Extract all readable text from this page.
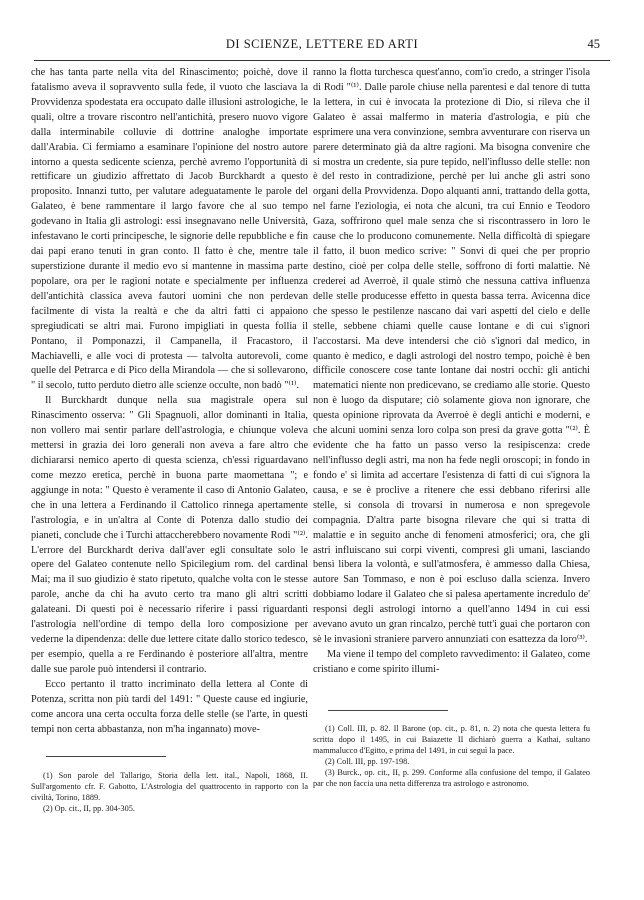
DI SCIENZE, LETTERE ED ARTI	45

che has tanta parte nella vita del Rinascimento; poichè, dove il fatalismo aveva il sopravvento sulla fede, il vuoto che lasciava la Provvidenza spodestata era occupato dalle illusioni astrologiche, le quali, oltre a trovare riscontro nell'antichità, presero nuovo vigore dalla interminabile colluvie di dottrine analoghe importate dall'Arabia. Ci fermiamo a esaminare l'opinione del nostro autore intorno a questa sedicente scienza, perchè avremo l'opportunità di rettificare un giudizio affrettato di Jacob Burckhardt a questo proposito. Innanzi tutto, per valutare adeguatamente le parole del Galateo, è bene rammentare il largo favore che al suo tempo godevano in Italia gli astrologi: essi insegnavano nelle Università, infestavano le corti principesche, le signorie delle repubbliche e fin dai papi erano tenuti in gran conto. Il fatto è che, mentre tale superstizione durante il medio evo si mantenne in massima parte popolare, ora per le ragioni notate e specialmente per influenza dell'antichità classica aveva fautori uomini che non perdevan facilmente di vista la realtà e che da altri fatti ci appaiono spregiudicati se altri mai. Furono impigliati in questa follia il Pontano, il Pomponazzi, il Campanella, il Fracastoro, il Machiavelli, e alle voci di protesta — talvolta autorevoli, come quelle del Petrarca e di Pico della Mirandola — che si sollevarono, " il secolo, tutto perduto dietro alle scienze occulte, non badò "⁽¹⁾.

Il Burckhardt dunque nella sua magistrale opera sul Rinascimento osserva: " Gli Spagnuoli, allor dominanti in Italia, non vollero mai sentir parlare dell'astrologia, e chiunque voleva mettersi in grazia dei loro generali non aveva a fare altro che dichiararsi nemico aperto di questa scienza, ch'essi riguardavano come mezzo eretica, perchè in buona parte maomettana "; e aggiunge in nota: " Questo è veramente il caso di Antonio Galateo, che in una lettera a Ferdinando il Cattolico rinnega apertamente l'astrologia, e in un'altra al Conte di Potenza dallo studio dei pianeti, conclude che i Turchi attaccherebbero novamente Rodi "⁽²⁾. L'errore del Burckhardt deriva dall'aver egli consultate solo le opere del Galateo contenute nello Spicilegium rom. del cardinal Mai; ma il suo giudizio è stato ripetuto, qualche volta con le stesse parole, anche da chi ha avuto certo tra mano gli altri scritti galateani. Di questi poi è necessario riferire i passi riguardanti l'astrologia nell'ordine di tempo della loro composizione per vederne la dipendenza: delle due lettere citate dallo storico tedesco, per esempio, quella a re Ferdinando è posteriore all'altra, mentre dalle sue parole può intendersi il contrario.

Ecco pertanto il tratto incriminato della lettera al Conte di Potenza, scritta non più tardi del 1491: " Queste cause ed ingiurie, come ancora una certa occulta forza delle stelle (se l'arte, in questi tempi non certa abbastanza, non m'ha ingannato) move-

ranno la flotta turchesca quest'anno, com'io credo, a stringer l'isola di Rodi "⁽¹⁾. Dalle parole chiuse nella parentesi e dal tenore di tutta la lettera, in cui è invocata la protezione di Dio, si rileva che il Galateo è assai malfermo in materia d'astrologia, e più che esprimere una vera convinzione, sembra avventurare con riserva un parere determinato già da altre ragioni. Ma bisogna convenire che si mostra un credente, sia pure tepido, nell'influsso delle stelle: non è del resto in contradizione, perchè per lui anche gli astri sono organi della Provvidenza. Dopo alquanti anni, trattando della gotta, nel farne l'eziologia, ei nota che alcuni, tra cui Ennio e Teodoro Gaza, soffrirono quel male senza che si riscontrassero in loro le cause che lo producono comunemente. Nella difficoltà di spiegare il fatto, il buon medico scrive: " Sonvi di quei che per proprio destino, cioè per colpa delle stelle, soffrono di forti malattie. Nè crederei ad Averroè, il quale stimò che nessuna cattiva influenza delle stelle producesse effetto in questa bassa terra. Avicenna dice che spesso le pestilenze nascano dai vari aspetti del cielo e delle stelle, sebbene chiami quelle cause lontane e di cui s'ignori l'accostarsi. Ma deve intendersi che ciò s'ignori dal medico, in quanto è medico, e dagli astrologi del nostro tempo, poichè è ben difficile conoscere cose tante lontane dai nostri occhi: gli antichi matematici niente non predicevano, se crediamo alle storie. Questo non è luogo da disputare; ciò solamente giova non ignorare, che questa opinione riprovata da Averroè è degli antichi e moderni, e che alcuni uomini senza loro colpa son presi da grave gotta "⁽²⁾. È evidente che ha fatto un passo verso la resipiscenza: crede nell'influsso degli astri, ma non ha fede negli oroscopi; in fondo in fondo e' si limita ad accertare l'esistenza di fatti di cui s'ignora la causa, e se è proclive a ritenere che essi debbano riferirsi alle stelle, si consola di trovarsi in numerosa e non spregevole compagnia. D'altra parte bisogna rilevare che qui si tratta di malattie e in seguito anche di fenomeni atmosferici; ora, che gli astri influiscano sui corpi viventi, compresi gli umani, lasciando bensì libera la volontà, e sull'atmosfera, è ammesso dalla Chiesa, autore San Tommaso, e non è poi escluso dalla scienza. Invero dobbiamo lodare il Galateo che si palesa apertamente incredulo de' responsi degli astrologi intorno a quell'anno 1494 in cui essi avevano avuto un gran rincalzo, perchè tutt'i guai che portaron con sè le invasioni straniere parvero annunziati con esattezza da loro⁽³⁾.

Ma viene il tempo del completo ravvedimento: il Galateo, come cristiano e come spirito illumi-

(1) Son parole del Tallarigo, Storia della lett. ital., Napoli, 1868, II. Sull'argomento cfr. F. Gabotto, L'Astrologia del quattrocento in rapporto con la civiltà, Torino, 1889.

(2) Op. cit., II, pp. 304-305.

(1) Coll. III, p. 82. Il Barone (op. cit., p. 81, n. 2) nota che questa lettera fu scritta dopo il 1495, in cui Baiazette II dichiarò guerra a Kathai, sultano mammalucco d'Egitto, e prima del 1491, in cui seguì la pace.

(2) Coll. III, pp. 197-198.

(3) Burck., op. cit., II, p. 299. Conforme alla confusione del tempo, il Galateo par che non faccia una netta differenza tra astrologo e astronomo.
